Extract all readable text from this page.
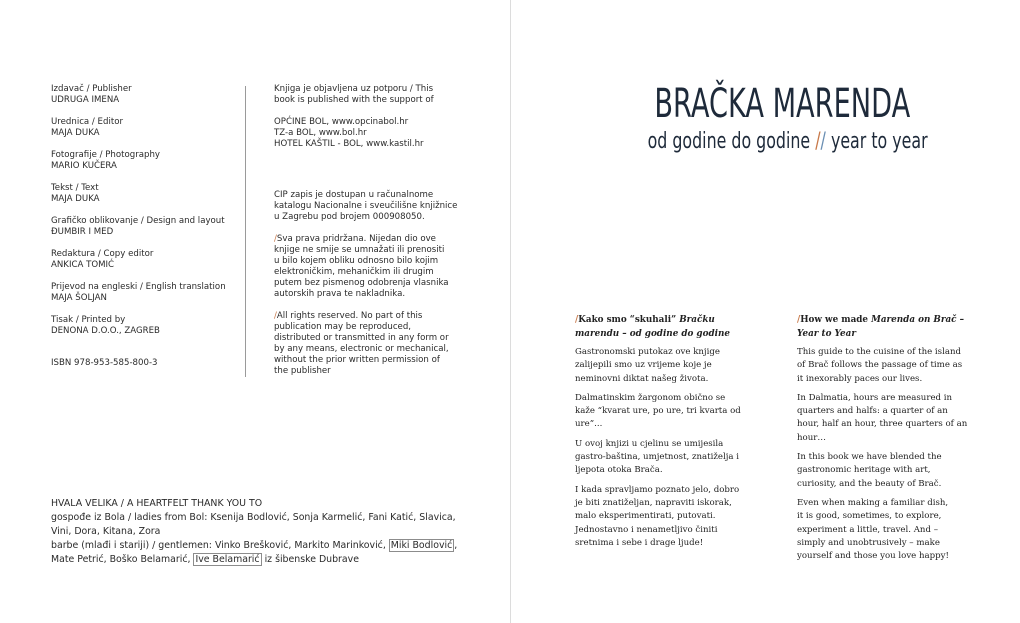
Izdavač / Publisher
UDRUGA IMENA
Urednica / Editor
MAJA DUKA
Fotografije / Photography
MARIO KUČERA
Tekst / Text
MAJA DUKA
Grafičko oblikovanje / Design and layout
ĐUMBIR I MED
Redaktura / Copy editor
ANKICA TOMIĆ
Prijevod na engleski / English translation
MAJA ŠOLJAN
Tisak / Printed by
DENONA D.O.O., ZAGREB

Knjiga je objavljena uz potporu / This
book is published with the support of

OPĆINE BOL, www.opcinabol.hr
TZ-a BOL, www.bol.hr
HOTEL KAŠTIL - BOL, www.kastil.hr

CIP zapis je dostupan u računalnome
katalogu Nacionalne i sveučilišne knjižnice
u Zagrebu pod brojem 000908050.

/Sva prava pridržana. Nijedan dio ove
knjige ne smije se umnažati ili prenositi
u bilo kojem obliku odnosno bilo kojim
elektroničkim, mehaničkim ili drugim
putem bez pismenog odobrenja vlasnika
autorskih prava te nakladnika.

/All rights reserved. No part of this
publication may be reproduced,
distributed or transmitted in any form or
by any means, electronic or mechanical,
without the prior written permission of
the publisher

HVALA VELIKA / A HEARTFELT THANK YOU TO
gospođe iz Bola / ladies from Bol: Ksenija Bodlović, Sonja Karmelić, Fani Katić, Slavica,
Vini, Dora, Kitana, Zora
barbe (mlađi i stariji) / gentlemen: Vinko Brešković, Markito Marinković, Miki Bodlović ,
Mate Petrić, Boško Belamarić, Ive Belamarić iz šibenske Dubrave
BRAČKA MARENDA
od godine do godine // year to year
/Kako smo “skuhali” Bračku
marendu – od godine do godine

Gastronomski putokaz ove knjige
zalijepili smo uz vrijeme koje je
neminovni diktat našeg života.

Dalmatinskim žargonom obično se
kaže “kvarat ure, po ure, tri kvarta od
ure”...

U ovoj knjizi u cjelinu se umijesila
gastro-baština, umjetnost, znatiželja i
ljepota otoka Brača.

I kada spravljamo poznato jelo, dobro
je biti znatiželjan, napraviti iskorak,
malo eksperimentirati, putovati.
Jednostavno i nenametljivo činiti
sretnima i sebe i drage ljude!

/How we made Marenda on Brač –
Year to Year

This guide to the cuisine of the island
of Brač follows the passage of time as
it inexorably paces our lives.

In Dalmatia, hours are measured in
quarters and halfs: a quarter of an
hour, half an hour, three quarters of an
hour…

In this book we have blended the
gastronomic heritage with art,
curiosity, and the beauty of Brač.

Even when making a familiar dish,
it is good, sometimes, to explore,
experiment a little, travel. And –
simply and unobtrusively – make
yourself and those you love happy!

ISBN 978-953-585-800-3
